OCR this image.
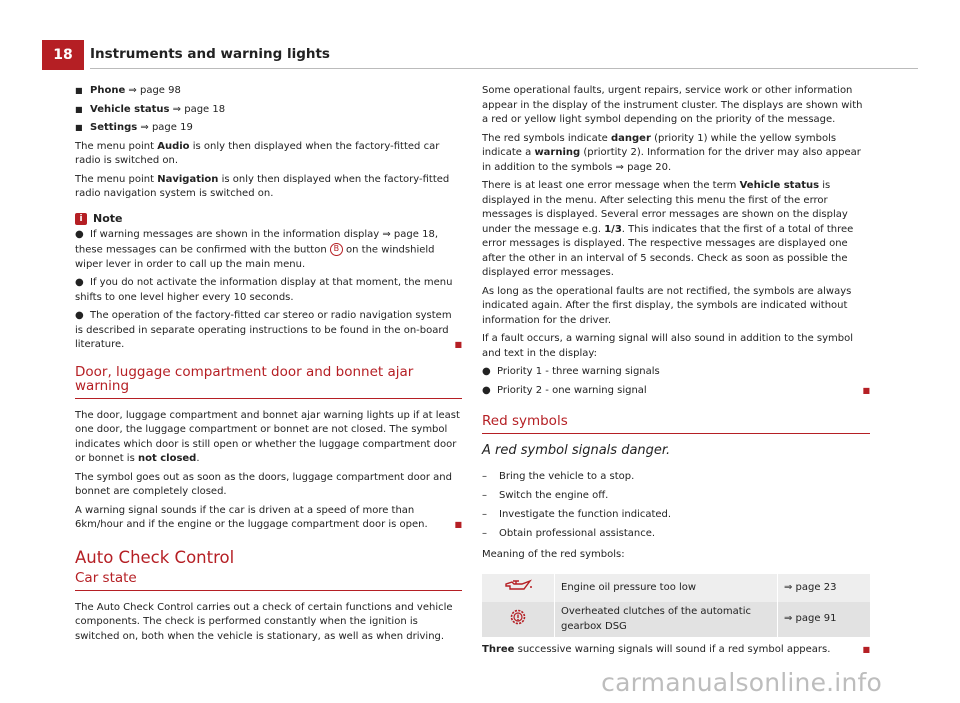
18	Instruments and warning lights
■ Phone ⇒ page 98
■ Vehicle status ⇒ page 18
■ Settings ⇒ page 19

The menu point Audio is only then displayed when the factory-fitted car radio is switched on.

The menu point Navigation is only then displayed when the factory-fitted radio navigation system is switched on.

i Note

● If warning messages are shown in the information display ⇒ page 18, these messages can be confirmed with the button B on the windshield wiper lever in order to call up the main menu.

● If you do not activate the information display at that moment, the menu shifts to one level higher every 10 seconds.

● The operation of the factory-fitted car stereo or radio navigation system is described in separate operating instructions to be found in the on-board literature.	■

Door, luggage compartment door and bonnet ajar warning

The door, luggage compartment and bonnet ajar warning lights up if at least one door, the luggage compartment or bonnet are not closed. The symbol indicates which door is still open or whether the luggage compartment door or bonnet is not closed.

The symbol goes out as soon as the doors, luggage compartment door and bonnet are completely closed.

A warning signal sounds if the car is driven at a speed of more than 6km/hour and if the engine or the luggage compartment door is open.	■

Auto Check Control
Car state

The Auto Check Control carries out a check of certain functions and vehicle components. The check is performed constantly when the ignition is switched on, both when the vehicle is stationary, as well as when driving.

Some operational faults, urgent repairs, service work or other information appear in the display of the instrument cluster. The displays are shown with a red or yellow light symbol depending on the priority of the message.

The red symbols indicate danger (priority 1) while the yellow symbols indicate a warning (priortity 2). Information for the driver may also appear in addition to the symbols ⇒ page 20.

There is at least one error message when the term Vehicle status is displayed in the menu. After selecting this menu the first of the error messages is displayed. Several error messages are shown on the display under the message e.g. 1/3. This indicates that the first of a total of three error messages is displayed. The respective messages are displayed one after the other in an interval of 5 seconds. Check as soon as possible the displayed error messages.

As long as the operational faults are not rectified, the symbols are always indicated again. After the first display, the symbols are indicated without information for the driver.

If a fault occurs, a warning signal will also sound in addition to the symbol and text in the display:

● Priority 1 - three warning signals

● Priority 2 - one warning signal	■

Red symbols
A red symbol signals danger.
–	Bring the vehicle to a stop.
–	Switch the engine off.
–	Investigate the function indicated.
–	Obtain professional assistance.

Meaning of the red symbols:

	Engine oil pressure too low	⇒ page 23
	Overheated clutches of the automatic gearbox DSG	⇒ page 91

Three successive warning signals will sound if a red symbol appears.	■

carmanualsonline.info
